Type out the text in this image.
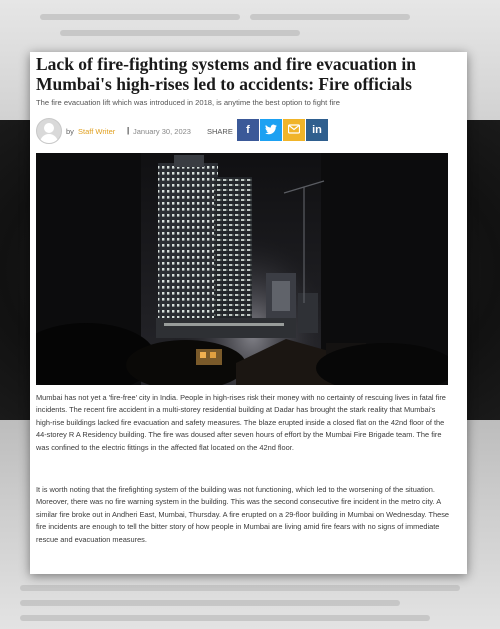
Lack of fire-fighting systems and fire evacuation in Mumbai's high-rises led to accidents: Fire officials
The fire evacuation lift which was introduced in 2018, is anytime the best option to fight fire
by Staff Writer | January 30, 2023 SHARE	f	in

Mumbai has not yet a 'fire-free' city in India. People in high-rises risk their money with no certainty of rescuing lives in fatal fire incidents. The recent fire accident in a multi-storey residential building at Dadar has brought the stark reality that Mumbai's high-rise buildings lacked fire evacuation and safety measures. The blaze erupted inside a closed flat on the 42nd floor of the 44-storey R A Residency building. The fire was doused after seven hours of effort by the Mumbai Fire Brigade team. The fire was confined to the electric fittings in the affected flat located on the 42nd floor.

It is worth noting that the firefighting system of the building was not functioning, which led to the worsening of the situation. Moreover, there was no fire warning system in the building. This was the second consecutive fire incident in the metro city. A similar fire broke out in Andheri East, Mumbai, Thursday. A fire erupted on a 29-floor building in Mumbai on Wednesday. These fire incidents are enough to tell the bitter story of how people in Mumbai are living amid fire fears with no signs of immediate rescue and evacuation measures.
